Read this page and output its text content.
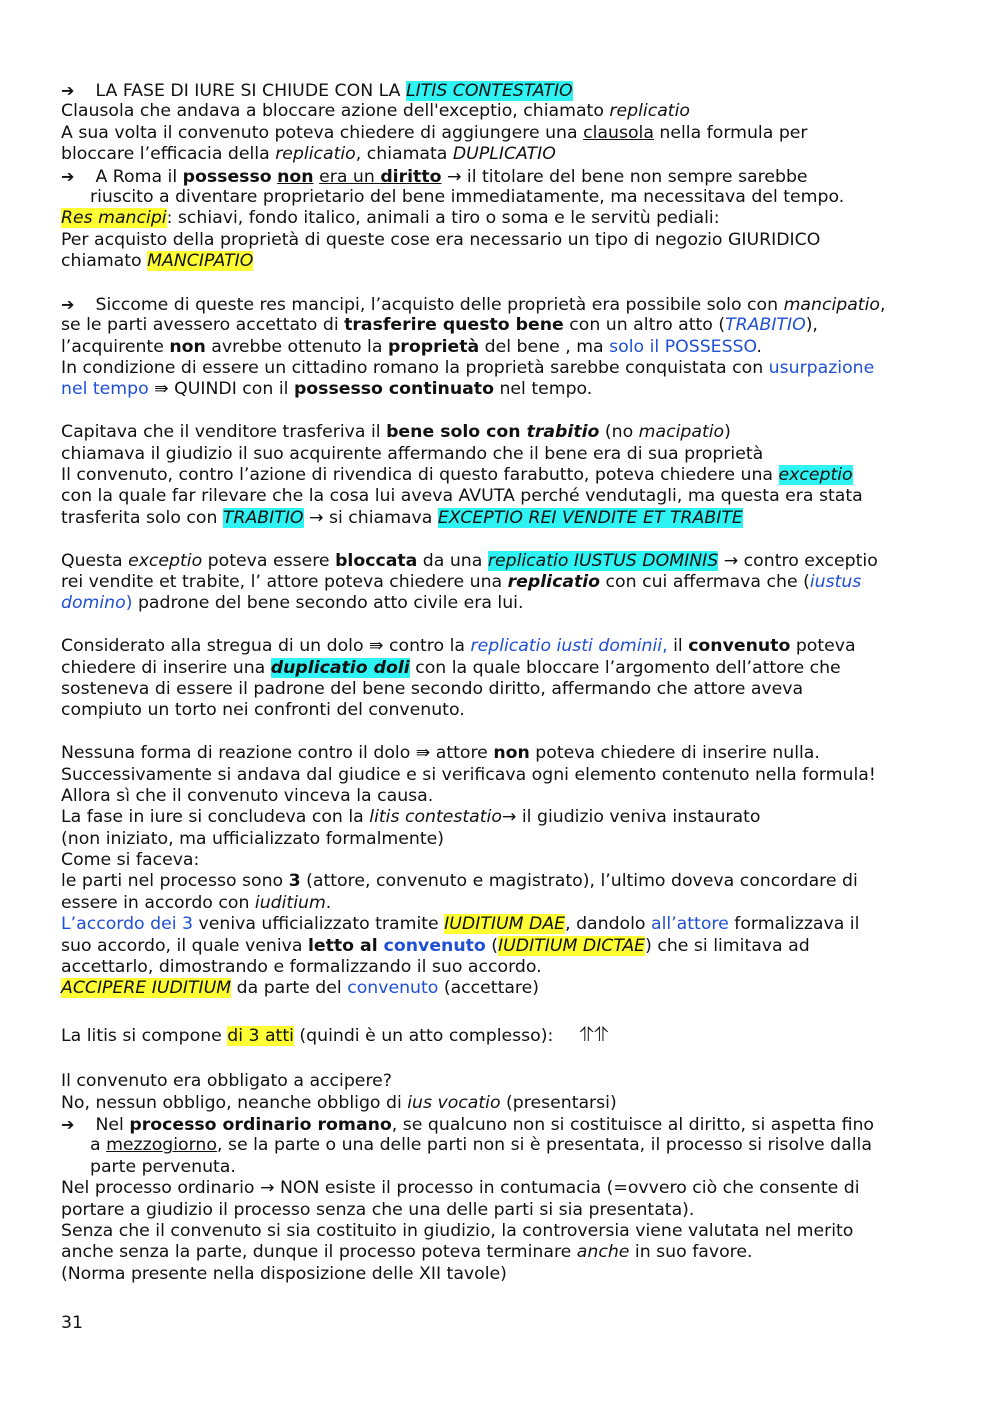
➔ LA FASE DI IURE SI CHIUDE CON LA LITIS CONTESTATIO
Clausola che andava a bloccare azione dell'exceptio, chiamato replicatio
A sua volta il convenuto poteva chiedere di aggiungere una clausola nella formula per
bloccare l’efficacia della replicatio, chiamata DUPLICATIO
➔ A Roma il possesso non era un diritto → il titolare del bene non sempre sarebbe
riuscito a diventare proprietario del bene immediatamente, ma necessitava del tempo.
Res mancipi: schiavi, fondo italico, animali a tiro o soma e le servitù pediali:
Per acquisto della proprietà di queste cose era necessario un tipo di negozio GIURIDICO
chiamato MANCIPATIO
➔ Siccome di queste res mancipi, l’acquisto delle proprietà era possibile solo con mancipatio,
se le parti avessero accettato di trasferire questo bene con un altro atto (TRABITIO),
l’acquirente non avrebbe ottenuto la proprietà del bene , ma solo il POSSESSO.
In condizione di essere un cittadino romano la proprietà sarebbe conquistata con usurpazione
nel tempo ⇛ QUINDI con il possesso continuato nel tempo.
Capitava che il venditore trasferiva il bene solo con trabitio (no macipatio)
chiamava il giudizio il suo acquirente affermando che il bene era di sua proprietà
Il convenuto, contro l’azione di rivendica di questo farabutto, poteva chiedere una exceptio
con la quale far rilevare che la cosa lui aveva AVUTA perché vendutagli, ma questa era stata
trasferita solo con TRABITIO → si chiamava EXCEPTIO REI VENDITE ET TRABITE
Questa exceptio poteva essere bloccata da una replicatio IUSTUS DOMINIS → contro exceptio
rei vendite et trabite, l’ attore poteva chiedere una replicatio con cui affermava che (iustus
domino) padrone del bene secondo atto civile era lui.
Considerato alla stregua di un dolo ⇛ contro la replicatio iusti dominii, il convenuto poteva
chiedere di inserire una duplicatio doli con la quale bloccare l’argomento dell’attore che
sosteneva di essere il padrone del bene secondo diritto, affermando che attore aveva
compiuto un torto nei confronti del convenuto.
Nessuna forma di reazione contro il dolo ⇛ attore non poteva chiedere di inserire nulla.
Successivamente si andava dal giudice e si verificava ogni elemento contenuto nella formula!
Allora sì che il convenuto vinceva la causa.
La fase in iure si concludeva con la litis contestatio→ il giudizio veniva instaurato
(non iniziato, ma ufficializzato formalmente)
Come si faceva:
le parti nel processo sono 3 (attore, convenuto e magistrato), l’ultimo doveva concordare di
essere in accordo con iuditium.
L’accordo dei 3 veniva ufficializzato tramite IUDITIUM DAE, dandolo all’attore formalizzava il
suo accordo, il quale veniva letto al convenuto (IUDITIUM DICTAE) che si limitava ad
accettarlo, dimostrando e formalizzando il suo accordo.
ACCIPERE IUDITIUM da parte del convenuto (accettare)
La litis si compone di 3 atti (quindi è un atto complesso): ⥣⥣
Il convenuto era obbligato a accipere?
No, nessun obbligo, neanche obbligo di ius vocatio (presentarsi)
➔ Nel processo ordinario romano, se qualcuno non si costituisce al diritto, si aspetta fino
a mezzogiorno, se la parte o una delle parti non si è presentata, il processo si risolve dalla
parte pervenuta.
Nel processo ordinario → NON esiste il processo in contumacia (=ovvero ciò che consente di
portare a giudizio il processo senza che una delle parti si sia presentata).
Senza che il convenuto si sia costituito in giudizio, la controversia viene valutata nel merito
anche senza la parte, dunque il processo poteva terminare anche in suo favore.
(Norma presente nella disposizione delle XII tavole)
31
